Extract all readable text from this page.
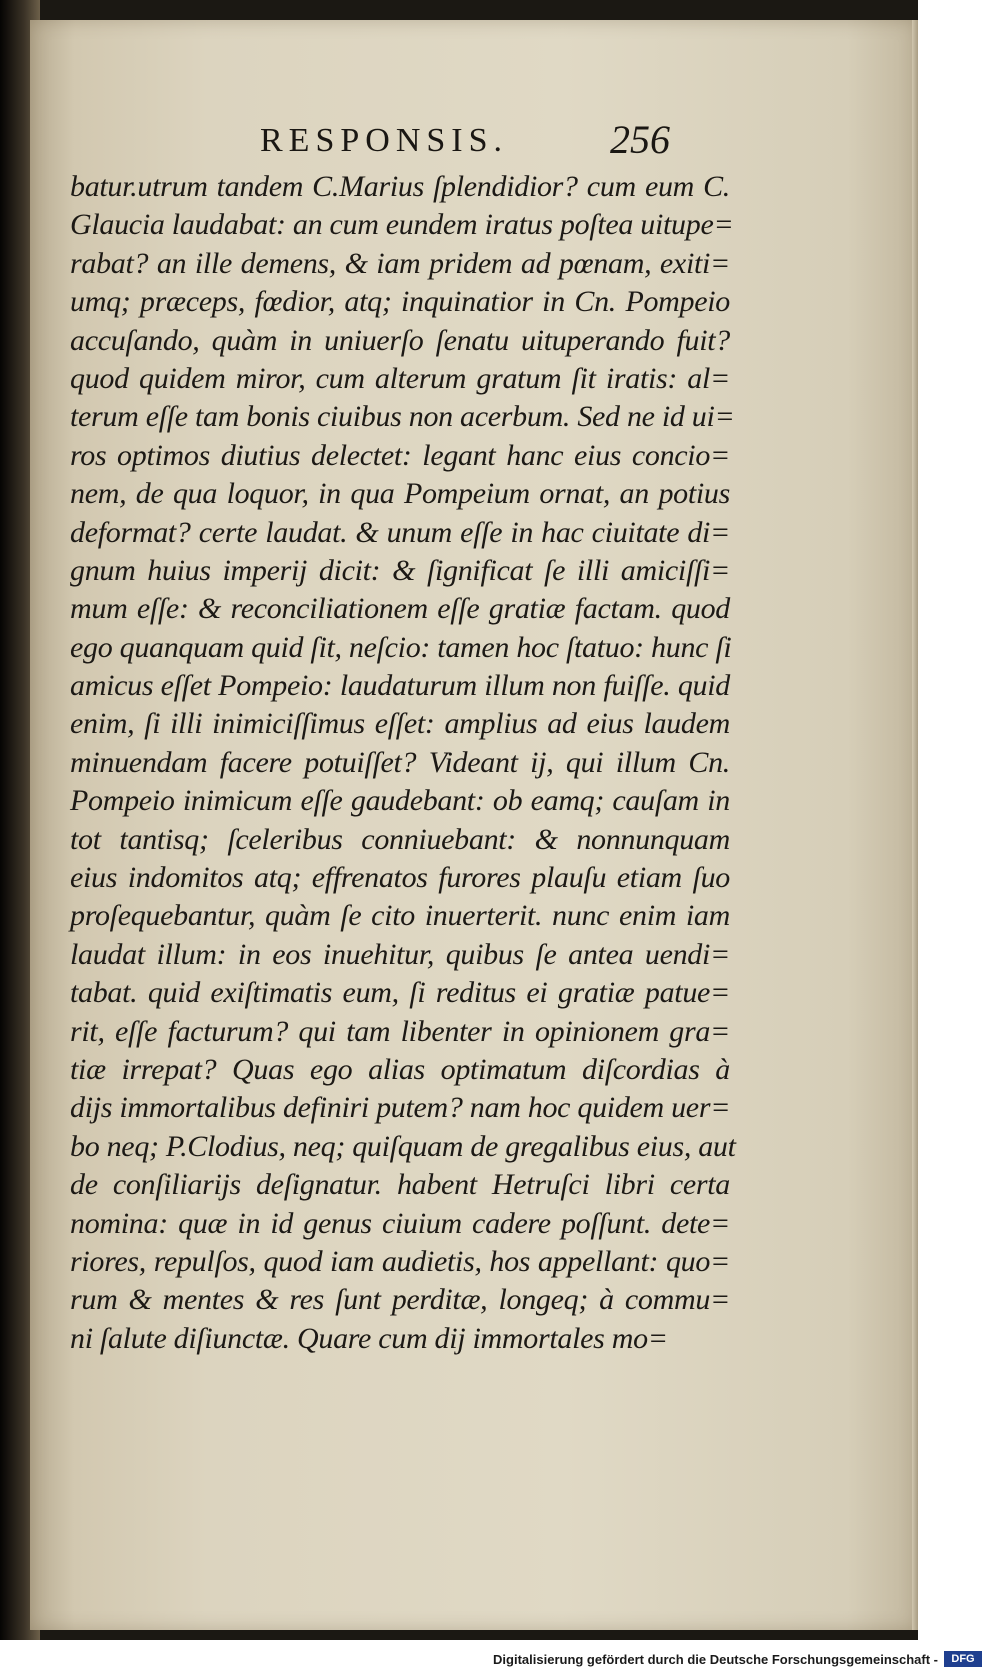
RESPONSIS.	256
batur.utrum tandem C.Marius ſplendidior? cum eum C.
Glaucia laudabat: an cum eundem iratus poſtea uitupe=
rabat? an ille demens, & iam pridem ad pœnam, exiti=
umq; præceps, fœdior, atq; inquinatior in Cn. Pompeio
accuſando, quàm in uniuerſo ſenatu uituperando fuit?
quod quidem miror, cum alterum gratum ſit iratis: al=
terum eſſe tam bonis ciuibus non acerbum. Sed ne id ui=
ros optimos diutius delectet: legant hanc eius concio=
nem, de qua loquor, in qua Pompeium ornat, an potius
deformat? certe laudat. & unum eſſe in hac ciuitate di=
gnum huius imperij dicit: & ſignificat ſe illi amiciſſi=
mum eſſe: & reconciliationem eſſe gratiæ factam. quod
ego quanquam quid ſit, neſcio: tamen hoc ſtatuo: hunc ſi
amicus eſſet Pompeio: laudaturum illum non fuiſſe. quid
enim, ſi illi inimiciſſimus eſſet: amplius ad eius laudem
minuendam facere potuiſſet? Videant ij, qui illum Cn.
Pompeio inimicum eſſe gaudebant: ob eamq; cauſam in
tot tantisq; ſceleribus conniuebant: & nonnunquam
eius indomitos atq; effrenatos furores plauſu etiam ſuo
proſequebantur, quàm ſe cito inuerterit. nunc enim iam
laudat illum: in eos inuehitur, quibus ſe antea uendi=
tabat. quid exiſtimatis eum, ſi reditus ei gratiæ patue=
rit, eſſe facturum? qui tam libenter in opinionem gra=
tiæ irrepat? Quas ego alias optimatum diſcordias à
dijs immortalibus definiri putem? nam hoc quidem uer=
bo neq; P.Clodius, neq; quiſquam de gregalibus eius, aut
de conſiliarijs deſignatur. habent Hetruſci libri certa
nomina: quæ in id genus ciuium cadere poſſunt. dete=
riores, repulſos, quod iam audietis, hos appellant: quo=
rum & mentes & res ſunt perditæ, longeq; à commu=
ni ſalute diſiunctæ. Quare cum dij immortales mo=
Digitalisierung gefördert durch die Deutsche Forschungsgemeinschaft -	DFG
